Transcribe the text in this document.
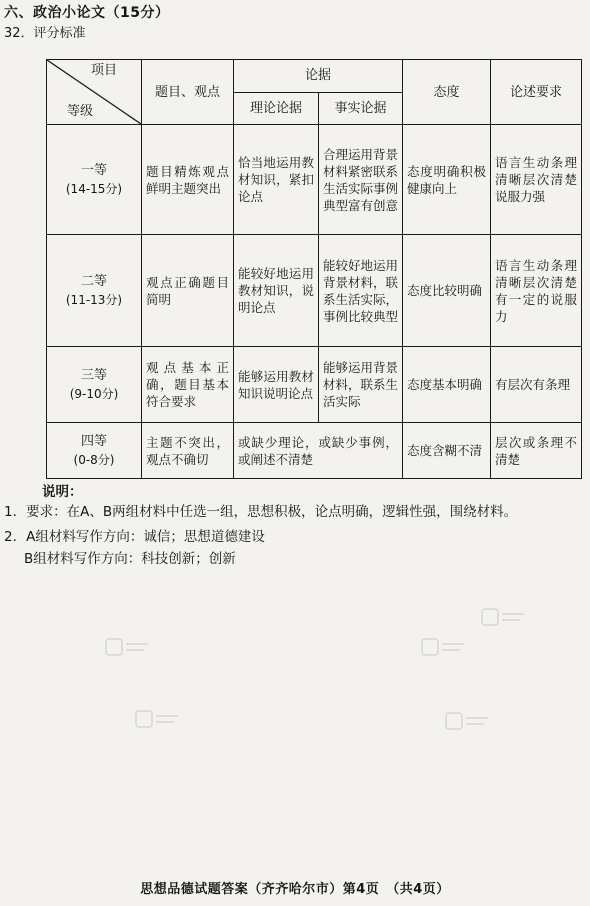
六、政治小论文（15分）
32．评分标准
项目
等级	题目、观点	论据		态度	论述要求
		理论论据	事实论据		

一等
(14-15分)	题目精炼观点鲜明主题突出	恰当地运用教材知识，紧扣论点	合理运用背景材料紧密联系生活实际事例典型富有创意	态度明确积极健康向上	语言生动条理清晰层次清楚说服力强

二等
(11-13分)	观点正确题目简明	能较好地运用教材知识，说明论点	能较好地运用背景材料，联系生活实际，事例比较典型	态度比较明确	语言生动条理清晰层次清楚有一定的说服力

三等
(9-10分)	观点基本正确，题目基本符合要求	能够运用教材知识说明论点	能够运用背景材料，联系生活实际	态度基本明确	有层次有条理

四等
(0-8分)	主题不突出，观点不确切	或缺少理论，或缺少事例，或阐述不清楚		态度含糊不清	层次或条理不清楚
说明：
1．要求：在A、B两组材料中任选一组，思想积极，论点明确，逻辑性强，围绕材料。
2．A组材料写作方向：诚信；思想道德建设
B组材料写作方向：科技创新；创新
思想品德试题答案（齐齐哈尔市）第4页　（共4页）
